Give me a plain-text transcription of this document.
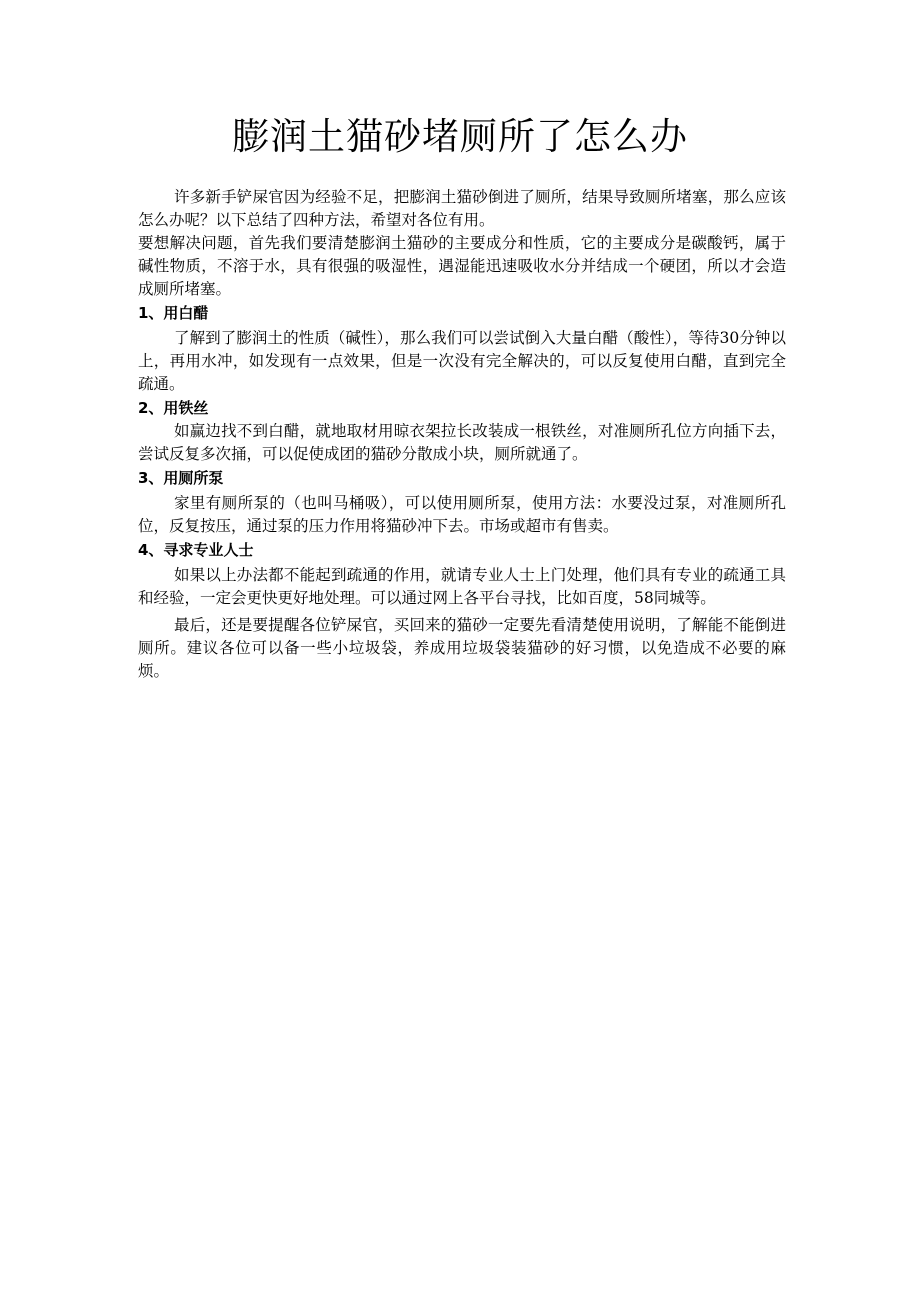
膨润土猫砂堵厕所了怎么办

许多新手铲屎官因为经验不足，把膨润土猫砂倒进了厕所，结果导致厕所堵塞，那么应该怎么办呢？以下总结了四种方法，希望对各位有用。

要想解决问题，首先我们要清楚膨润土猫砂的主要成分和性质，它的主要成分是碳酸钙，属于碱性物质，不溶于水，具有很强的吸湿性，遇湿能迅速吸收水分并结成一个硬团，所以才会造成厕所堵塞。

1、用白醋

了解到了膨润土的性质（碱性），那么我们可以尝试倒入大量白醋（酸性），等待30分钟以上，再用水冲，如发现有一点效果，但是一次没有完全解决的，可以反复使用白醋，直到完全疏通。

2、用铁丝

如赢边找不到白醋，就地取材用晾衣架拉长改装成一根铁丝，对准厕所孔位方向插下去，尝试反复多次捅，可以促使成团的猫砂分散成小块，厕所就通了。

3、用厕所泵

家里有厕所泵的（也叫马桶吸），可以使用厕所泵，使用方法：水要没过泵，对准厕所孔位，反复按压，通过泵的压力作用将猫砂冲下去。市场或超市有售卖。

4、寻求专业人士

如果以上办法都不能起到疏通的作用，就请专业人士上门处理，他们具有专业的疏通工具和经验，一定会更快更好地处理。可以通过网上各平台寻找，比如百度，58同城等。

最后，还是要提醒各位铲屎官，买回来的猫砂一定要先看清楚使用说明，了解能不能倒进厕所。建议各位可以备一些小垃圾袋，养成用垃圾袋装猫砂的好习惯，以免造成不必要的麻烦。
